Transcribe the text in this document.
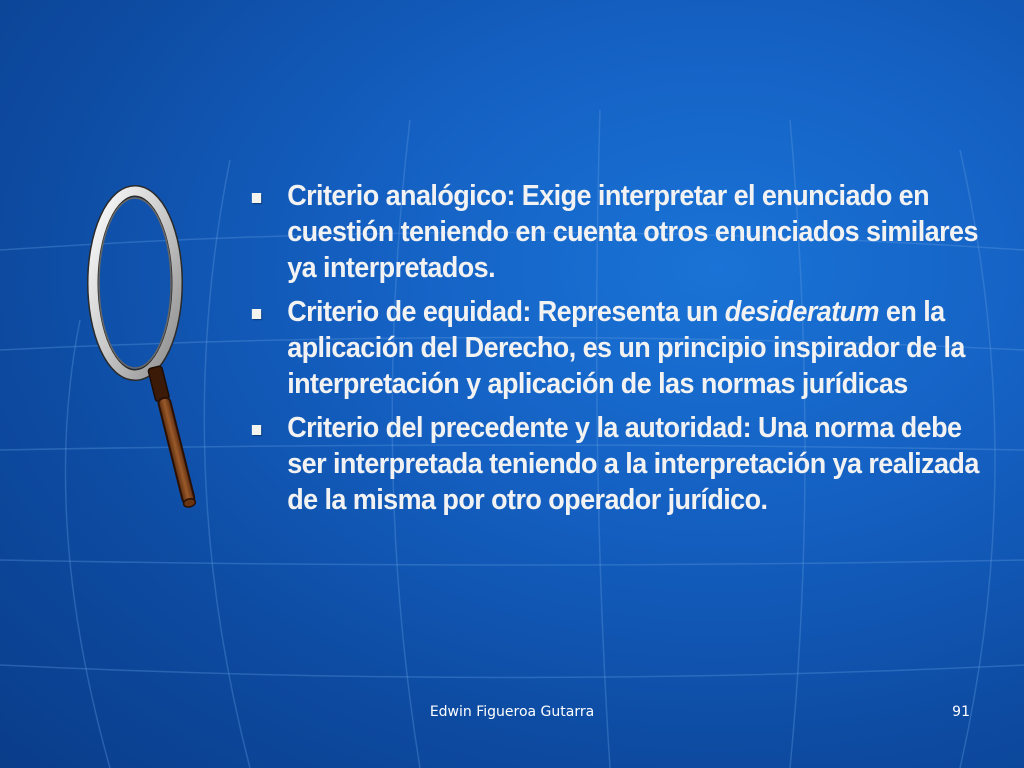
Criterio analógico: Exige interpretar el enunciado en cuestión teniendo en cuenta otros enunciados similares ya interpretados.
Criterio de equidad: Representa un desideratum en la aplicación del Derecho, es un principio inspirador de la interpretación y aplicación de las normas jurídicas
Criterio del precedente y la autoridad: Una norma debe ser interpretada teniendo a la interpretación ya realizada de la misma por otro operador jurídico.
Edwin Figueroa Gutarra	91
